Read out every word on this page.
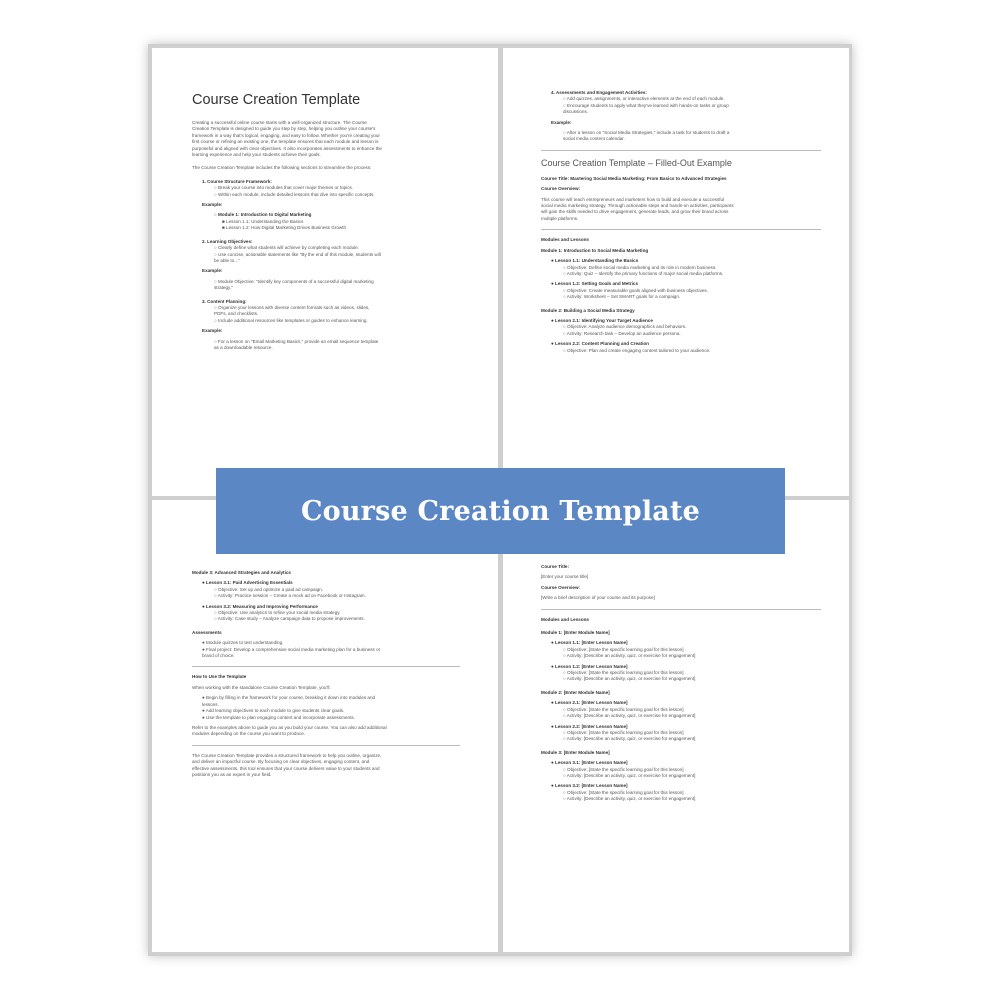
Course Creation Template

Creating a successful online course starts with a well-organized structure. The Course

Creation Template is designed to guide you step by step, helping you outline your course's

framework in a way that's logical, engaging, and easy to follow. Whether you're creating your

first course or refining an existing one, the template ensures that each module and lesson is

purposeful and aligned with clear objectives. It also incorporates assessments to enhance the

learning experience and help your students achieve their goals.

The Course Creation Template includes the following sections to streamline the process:

1. Course Structure Framework:

○ Break your course into modules that cover major themes or topics.

○ Within each module, include detailed lessons that dive into specific concepts.

Example:

○ Module 1: Introduction to Digital Marketing

■ Lesson 1.1: Understanding the Basics

■ Lesson 1.2: How Digital Marketing Drives Business Growth

2. Learning Objectives:

○ Clearly define what students will achieve by completing each module.

○ Use concise, actionable statements like "By the end of this module, students will

be able to..."

Example:

○ Module Objective: "Identify key components of a successful digital marketing

strategy."

3. Content Planning:

○ Organize your lessons with diverse content formats such as videos, slides,

PDFs, and checklists.

○ Include additional resources like templates or guides to enhance learning.

Example:

○ For a lesson on "Email Marketing Basics," provide an email sequence template

as a downloadable resource.

4. Assessments and Engagement Activities:

○ Add quizzes, assignments, or interactive elements at the end of each module.

○ Encourage students to apply what they've learned with hands-on tasks or group

discussions.

Example:

○ After a lesson on "Social Media Strategies," include a task for students to draft a

social media content calendar.

Course Creation Template – Filled-Out Example

Course Title: Mastering Social Media Marketing: From Basics to Advanced Strategies

Course Overview:

This course will teach entrepreneurs and marketers how to build and execute a successful

social media marketing strategy. Through actionable steps and hands-on activities, participants

will gain the skills needed to drive engagement, generate leads, and grow their brand across

multiple platforms.

Modules and Lessons

Module 1: Introduction to Social Media Marketing

● Lesson 1.1: Understanding the Basics

○ Objective: Define social media marketing and its role in modern business.

○ Activity: Quiz – Identify the primary functions of major social media platforms.

● Lesson 1.2: Setting Goals and Metrics

○ Objective: Create measurable goals aligned with business objectives.

○ Activity: Worksheet – Set SMART goals for a campaign.

Module 2: Building a Social Media Strategy

● Lesson 2.1: Identifying Your Target Audience

○ Objective: Analyze audience demographics and behaviors.

○ Activity: Research task – Develop an audience persona.

● Lesson 2.2: Content Planning and Creation

○ Objective: Plan and create engaging content tailored to your audience.

Module 3: Advanced Strategies and Analytics

● Lesson 3.1: Paid Advertising Essentials

○ Objective: Set up and optimize a paid ad campaign.

○ Activity: Practice session – Create a mock ad on Facebook or Instagram.

● Lesson 3.2: Measuring and Improving Performance

○ Objective: Use analytics to refine your social media strategy.

○ Activity: Case study – Analyze campaign data to propose improvements.

Assessments

● Module quizzes to test understanding.

● Final project: Develop a comprehensive social media marketing plan for a business or

brand of choice.

How to Use the Template

When working with the standalone Course Creation Template, you'll:

● Begin by filling in the framework for your course, breaking it down into modules and

lessons.

● Add learning objectives to each module to give students clear goals.

● Use the template to plan engaging content and incorporate assessments.

Refer to the examples above to guide you as you build your course. You can also add additional

modules depending on the course you want to produce.

The Course Creation Template provides a structured framework to help you outline, organize,

and deliver an impactful course. By focusing on clear objectives, engaging content, and

effective assessments, this tool ensures that your course delivers value to your students and

positions you as an expert in your field.

Course Title:

[Enter your course title]

Course Overview:

[Write a brief description of your course and its purpose]

Modules and Lessons

Module 1: [Enter Module Name]

● Lesson 1.1: [Enter Lesson Name]

○ Objective: [State the specific learning goal for this lesson]

○ Activity: [Describe an activity, quiz, or exercise for engagement]

● Lesson 1.2: [Enter Lesson Name]

○ Objective: [State the specific learning goal for this lesson]

○ Activity: [Describe an activity, quiz, or exercise for engagement]

Module 2: [Enter Module Name]

● Lesson 2.1: [Enter Lesson Name]

○ Objective: [State the specific learning goal for this lesson]

○ Activity: [Describe an activity, quiz, or exercise for engagement]

● Lesson 2.2: [Enter Lesson Name]

○ Objective: [State the specific learning goal for this lesson]

○ Activity: [Describe an activity, quiz, or exercise for engagement]

Module 3: [Enter Module Name]

● Lesson 3.1: [Enter Lesson Name]

○ Objective: [State the specific learning goal for this lesson]

○ Activity: [Describe an activity, quiz, or exercise for engagement]

● Lesson 3.2: [Enter Lesson Name]

○ Objective: [State the specific learning goal for this lesson]

○ Activity: [Describe an activity, quiz, or exercise for engagement]

Course Creation Template
